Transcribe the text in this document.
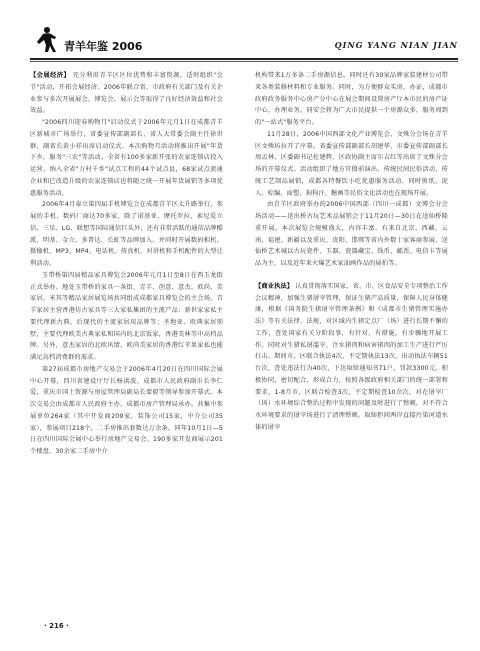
青羊年鉴 2006	QING YANG NIAN JIAN

【会展经济】 充分利用青羊区区位优势和丰富资源，适时组织"会节"活动，开拓会展经济。2006年联合省、市政府有关部门及有关企业参与多次开展展会、博览会、展示会等取得了良好经济效益和社会效益。

"2006四川迎春购物月"启动仪式于2006年元月1日在成都青羊区新城市广场举行，省委宣传部副部长、省人大常委会副主任徐世群、副省长黄小祥出席启动仪式。本次购物月活动将推出开展"年货下乡，服务"三农"等活动。全省有100多家新开张的农家连锁店投入运营，纳入全省"万村千乡"试点工程的44个试点县，68家试点流通企业和已改造升级的农家连锁店也将随之统一开展年货展销等多项优惠服务活动。

2006年4月泰立第四届手机博览会在成都青羊区太升路举行，参展的手机、数码厂商达70多家，除了诺基亚、摩托罗拉、索尼爱立信、三星、LG、联想等国际通信巨头外，还有非常活跃的通信品牌酷派、明基、金立、多普达、长虹等品牌加入。并同时开展数码相机、摄像机、MP3、MP4、电话机、传真机、对讲机和手机配件的大型让利活动。

玉带桥第四届精品家具博览会2006年元月1日至8日在西玉龙街正式举办。地处玉带桥的家具一条街，青羊、创意、意杰、欧尚、美家居、米其等精品家居展览场共同组成成都家具博览会的主会场。青羊家居主营香港仿古家具等三大家私集团的主流产品：新世家家私主要代理新古典、后现代的主流家居用品牌等；圣地亚、欧典家居别墅，主要代理欧美古典家私和国内的北京饭家，香港美林等中高档品牌。另外，意杰家居的北欧风情、欧尚美家居的香港红苹果家私也能满足高档消费群的需求。

第27届成都市房地产交易会于2006年4月20日在四川国际会展中心开幕，四川省建设厅厅长杨洪波、成都市人民政府副市长李仁爱、重庆市国土资源与房屋管理局副局长蒙毅等领导参加开幕式。本次交易会由成都市人民政府主办，成都市房产管理局承办。共集中参展单位264家（其中开发商209家，装饰公司15家，中介公司35家），参展项目218个，二手房推出套数达万余条。同年10月1日—5日在四川国际会展中心举行房地产交易会。190多家开发商展示201个楼盘，30余家二手房中介

机构带来1万多条二手房源信息。同时还有30家品牌家装建材公司带来各类装修材料和专业服务。同时，为方便群众买房，办证，成都市政府政务服务中心房产分中心在展会期间设置房产厅本市民的房产证中心，办理业务。同安会将为广大市民提供一个房源众多，服务周到的"一站式"服务平台。

11月28日，2006中国西部文化产业博览会，文殊分会场在青羊区文殊坊拉开了序幕。省委宣传部副部长胡建华、市委宣传部副部长周孟林、区委副书记杜建辉、区政协副主席尔吉红等出席了文殊分会场的开幕仪式。活动组织了地方官僚前演出、传统民间民俗活动、传统工艺制品展销，成都各特餐饮小吃优惠服务活动。同时剪纸、泥人、棕编、面塑、狗狗汗、糖画等民俗文化活动也在现场开展。

由青羊区政府举办的2006中国西部（四川一成都）文博会分会场活动——送出桥古玩艺术品展销会于11月20日—30日在送仙桥隆重开展。本次展览会规模盛大，内容丰富。有来自北京、西藏、云南、福建、新疆以及重庆、贵阳、邯郸等省内外数十家客商参展，送仙桥艺术城以古玩瓷件、玉器、瓷器藏宝、钱币、邮票、电信卡等展品为主，以及近年来火爆艺术家油画作品的展拍等。

【商业执法】 认真贯彻落实国家、省、市、区食品安全专项整治工作会议精神，加强生猪屠宰管理，保证生猪产品质量，保障人民身体健康，根据《国务院生猪屠宰管理条例》和《成都市生猪管理实施办法》等有关法律、法规，对区域内生猪定点厂（场）进行长期不懈的工作，查处国家有关分阶段事，有针对、有措施，有步骤地开展工作。同时对生猪私屠滥宰、注水猪肉和病害猪肉的加工生产进行严厉打击。期间市、区联合执法4次，不定期执法13次，出动执法车辆51台次，查处违法行为40次，下达取缔通知书71户，罚款3300元。积极协同，密切配合，形成合力，按照各级政府相关部门的统一部署和要求，1-8月市、区联合检查3次，不定期检查10余次，对在屠宰厂（场）水环境综合整治过程中发现的问题及时进行了整顿。对不符合水环境要求的屠宰场进行了清理整顿。取缔拒间两岸直接污染河道水体的屠宰

· 216 ·
